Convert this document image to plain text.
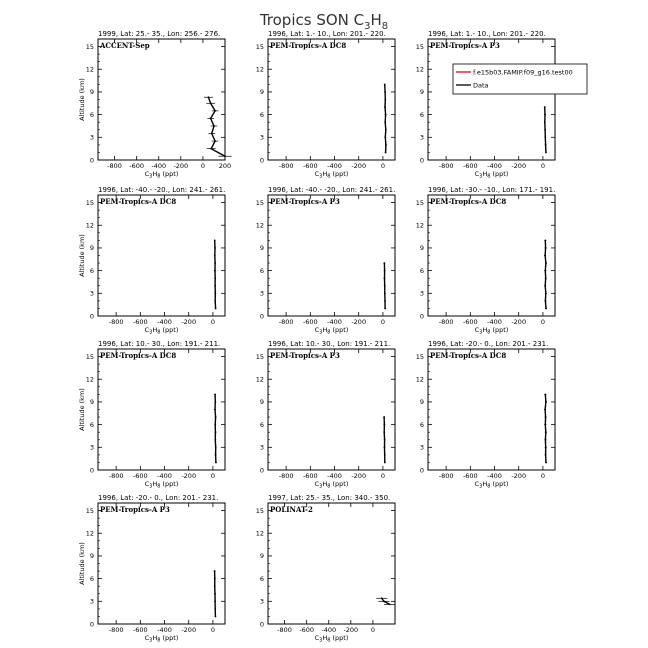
Tropics SON $C_3H_8$
1999, Lat: 25.- 35., Lon: 256.- 276.
ACCENT-Sep
0
3
6
9
12
15
-800 -600 -400 -200 0 200
$C_3H_8$ (ppt)
Altitude (km)
1996, Lat: 1.- 10., Lon: 201.- 220.
PEM-Tropics-A DC8
0
3
6
9
12
15
-800 -600 -400 -200 0
$C_3H_8$ (ppt)
1996, Lat: 1.- 10., Lon: 201.- 220.
PEM-Tropics-A P3
0
3
6
9
12
15
-800 -600 -400 -200 0
$C_3H_8$ (ppt)
1996, Lat: -40.- -20., Lon: 241.- 261.
PEM-Tropics-A DC8
0
3
6
9
12
15
-800 -600 -400 -200 0
$C_3H_8$ (ppt)
Altitude (km)
1996, Lat: -40.- -20., Lon: 241.- 261.
PEM-Tropics-A P3
0
3
6
9
12
15
-800 -600 -400 -200 0
$C_3H_8$ (ppt)
1996, Lat: -30.- -10., Lon: 171.- 191.
PEM-Tropics-A DC8
0
3
6
9
12
15
-800 -600 -400 -200 0
$C_3H_8$ (ppt)
1996, Lat: 10.- 30., Lon: 191.- 211.
PEM-Tropics-A DC8
0
3
6
9
12
15
-800 -600 -400 -200 0
$C_3H_8$ (ppt)
Altitude (km)
1996, Lat: 10.- 30., Lon: 191.- 211.
PEM-Tropics-A P3
0
3
6
9
12
15
-800 -600 -400 -200 0
$C_3H_8$ (ppt)
1996, Lat: -20.- 0., Lon: 201.- 231.
PEM-Tropics-A DC8
0
3
6
9
12
15
-800 -600 -400 -200 0
$C_3H_8$ (ppt)
1996, Lat: -20.- 0., Lon: 201.- 231.
PEM-Tropics-A P3
0
3
6
9
12
15
-800 -600 -400 -200 0
$C_3H_8$ (ppt)
Altitude (km)
1997, Lat: 25.- 35., Lon: 340.- 350.
POLINAT-2
0
3
6
9
12
15
-800 -600 -400 -200 0
$C_3H_8$ (ppt)
f.e15b03.FAMIP.f09_g16.test00
Data
